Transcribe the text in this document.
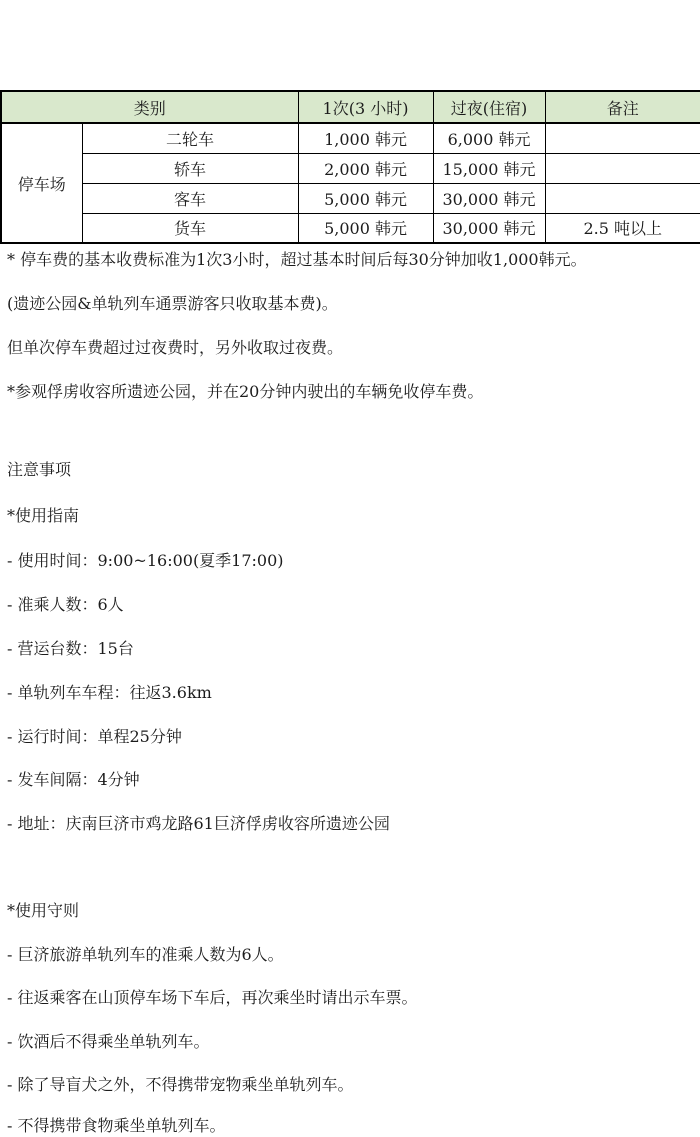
类别		1次(3 小时)	过夜(住宿)	备注
停车场	二轮车	1,000 韩元	6,000 韩元	
	轿车	2,000 韩元	15,000 韩元	
	客车	5,000 韩元	30,000 韩元	
	货车	5,000 韩元	30,000 韩元	2.5 吨以上
* 停车费的基本收费标准为1次3小时，超过基本时间后每30分钟加收1,000韩元。
(遗迹公园&单轨列车通票游客只收取基本费)。
但单次停车费超过过夜费时，另外收取过夜费。
*参观俘虏收容所遗迹公园，并在20分钟内驶出的车辆免收停车费。
注意事项
*使用指南
- 使用时间：9:00~16:00(夏季17:00)
- 准乘人数：6人
- 营运台数：15台
- 单轨列车车程：往返3.6km
- 运行时间：单程25分钟
- 发车间隔：4分钟
- 地址：庆南巨济市鸡龙路61巨济俘虏收容所遗迹公园
*使用守则
- 巨济旅游单轨列车的准乘人数为6人。
- 往返乘客在山顶停车场下车后，再次乘坐时请出示车票。
- 饮酒后不得乘坐单轨列车。
- 除了导盲犬之外，不得携带宠物乘坐单轨列车。
- 不得携带食物乘坐单轨列车。
